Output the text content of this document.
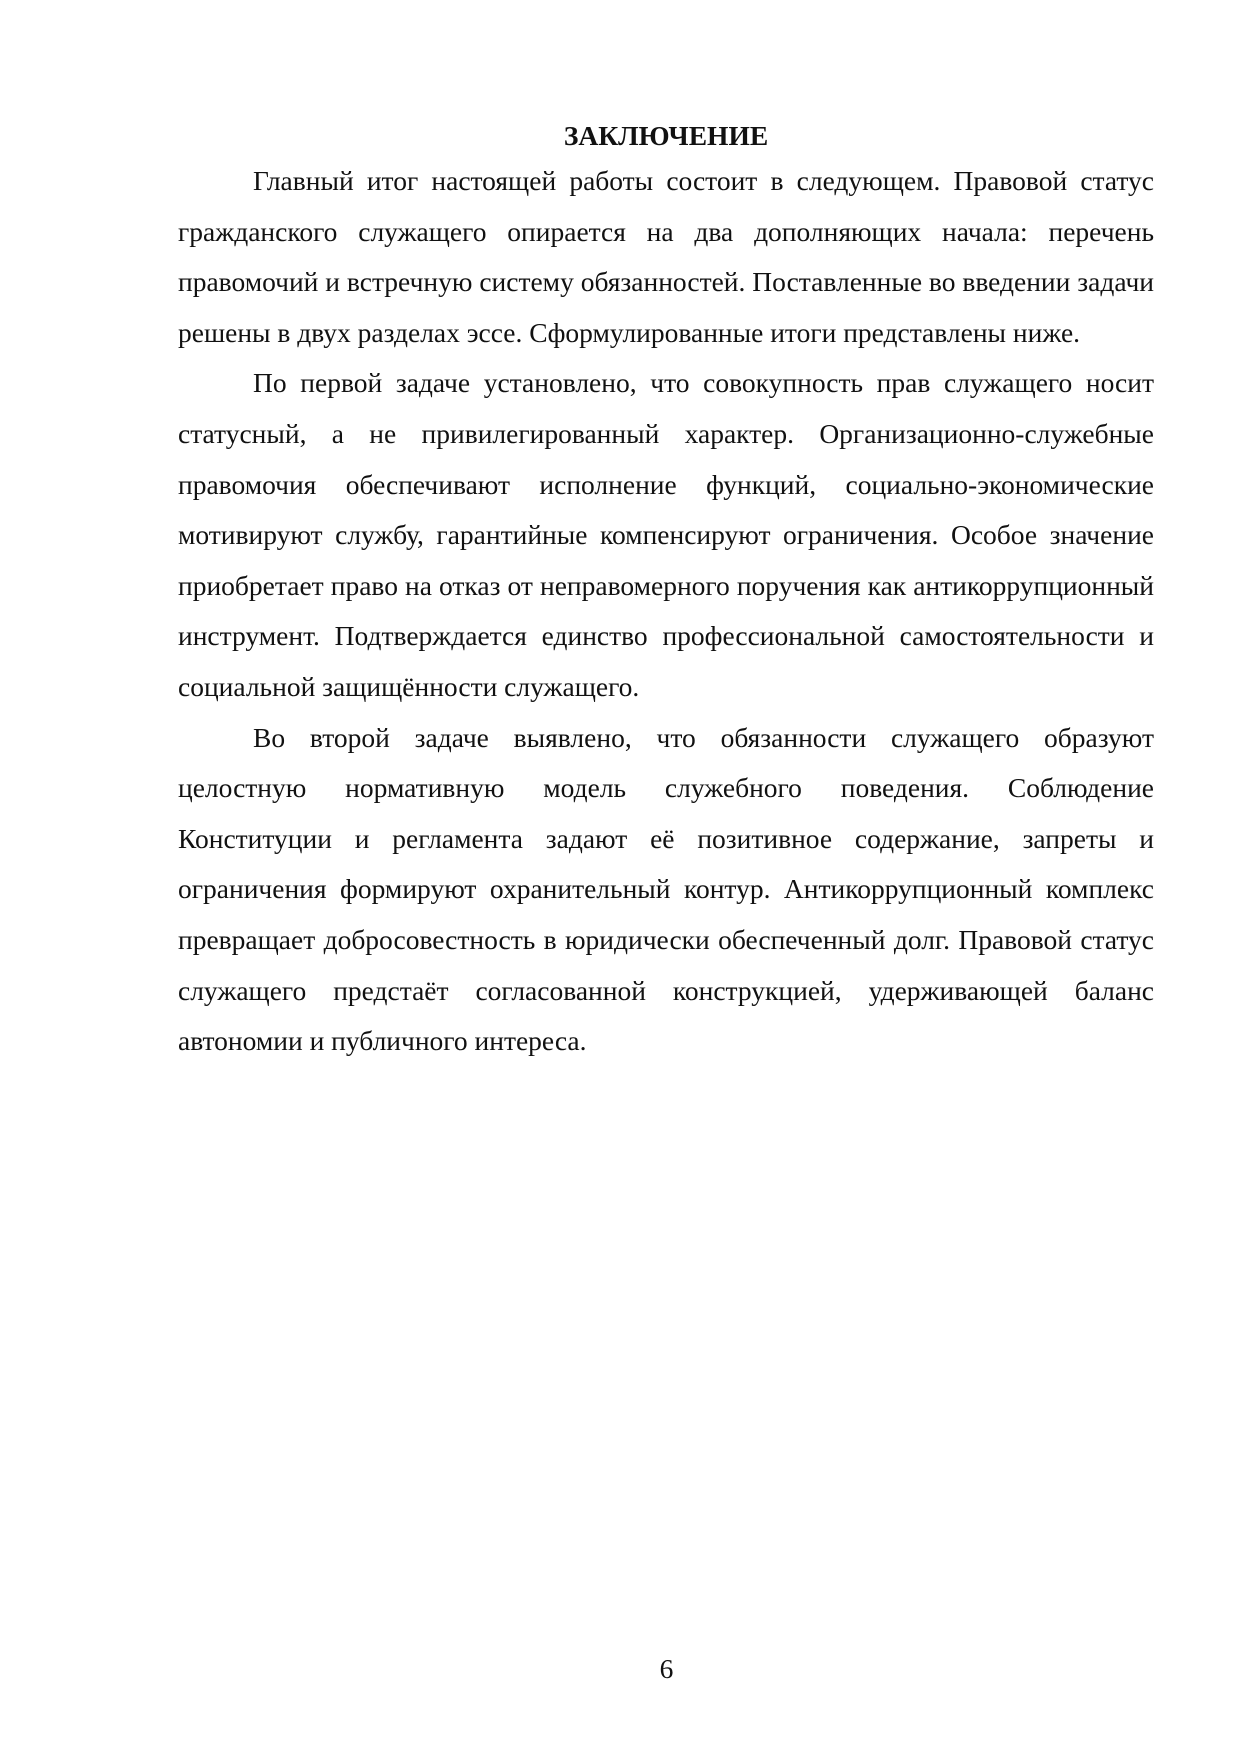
ЗАКЛЮЧЕНИЕ

Главный итог настоящей работы состоит в следующем. Правовой статус гражданского служащего опирается на два дополняющих начала: перечень правомочий и встречную систему обязанностей. Поставленные во введении задачи решены в двух разделах эссе. Сформулированные итоги представлены ниже.

По первой задаче установлено, что совокупность прав служащего носит статусный, а не привилегированный характер. Организационно-служебные правомочия обеспечивают исполнение функций, социально-экономические мотивируют службу, гарантийные компенсируют ограничения. Особое значение приобретает право на отказ от неправомерного поручения как антикоррупционный инструмент. Подтверждается единство профессиональной самостоятельности и социальной защищённости служащего.

Во второй задаче выявлено, что обязанности служащего образуют целостную нормативную модель служебного поведения. Соблюдение Конституции и регламента задают её позитивное содержание, запреты и ограничения формируют охранительный контур. Антикоррупционный комплекс превращает добросовестность в юридически обеспеченный долг. Правовой статус служащего предстаёт согласованной конструкцией, удерживающей баланс автономии и публичного интереса.

6
